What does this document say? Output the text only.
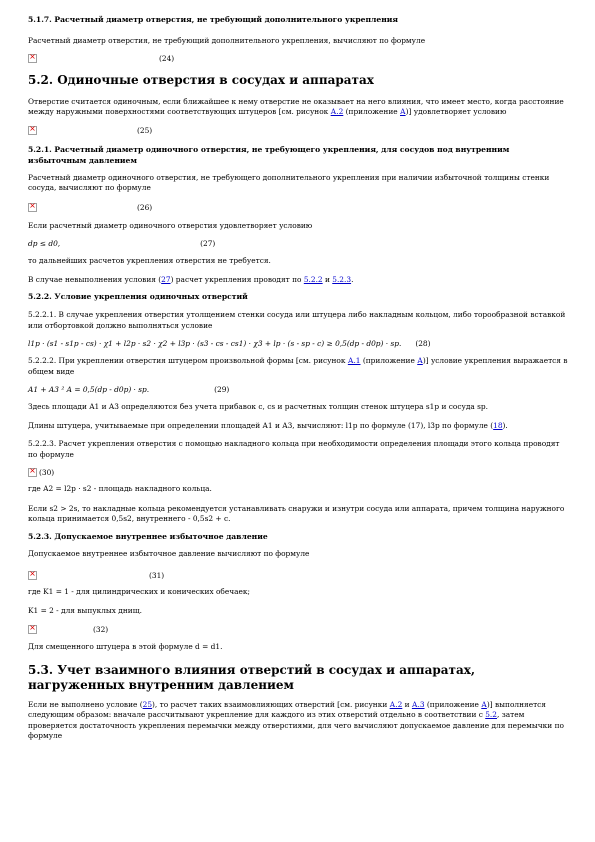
5.1.7. Расчетный диаметр отверстия, не требующий дополнительного укрепления

Расчетный диаметр отверстия, не требующий дополнительного укрепления, вычисляют по формуле

×
(24)
5.2. Одиночные отверстия в сосудах и аппаратах

Отверстие считается одиночным, если ближайшее к нему отверстие не оказывает на него влияния, что имеет место, когда расстояние между наружными поверхностями соответствующих штуцеров [см. рисунок А.2 (приложение А)] удовлетворяет условию

×
(25)
5.2.1. Расчетный диаметр одиночного отверстия, не требующего укрепления, для сосудов под внутренним избыточным давлением

Расчетный диаметр одиночного отверстия, не требующего дополнительного укрепления при наличии избыточной толщины стенки сосуда, вычисляют по формуле

×
(26)

Если расчетный диаметр одиночного отверстия удовлетворяет условию

dp ≤ d0,	(27)

то дальнейших расчетов укрепления отверстия не требуется.

В случае невыполнения условия (27) расчет укрепления проводят по 5.2.2 и 5.2.3.

5.2.2. Условие укрепления одиночных отверстий

5.2.2.1. В случае укрепления отверстия утолщением стенки сосуда или штуцера либо накладным кольцом, либо торообразной вставкой или отбортовкой должно выполняться условие

l1p · (s1 - s1p - cs) · χ1 + l2p · s2 · χ2 + l3p · (s3 - cs - cs1) · χ3 + lp · (s - sp - c) ≥ 0,5(dp - d0p) · sp. (28)

5.2.2.2. При укреплении отверстия штуцером произвольной формы [см. рисунок А.1 (приложение А)] условие укрепления выражается в общем виде

A1 + A3 ² A = 0,5(dp - d0p) · sp.	(29)

Здесь площади A1 и A3 определяются без учета прибавок c, cs и расчетных толщин стенок штуцера s1p и сосуда sp.

Длины штуцера, учитываемые при определении площадей A1 и A3, вычисляют: l1p по формуле (17), l3p по формуле (18).

5.2.2.3. Расчет укрепления отверстия с помощью накладного кольца при необходимости определения площади этого кольца проводят по формуле

×
(30)

где A2 = l2p · s2 - площадь накладного кольца.

Если s2 > 2s, то накладные кольца рекомендуется устанавливать снаружи и изнутри сосуда или аппарата, причем толщина наружного кольца принимается 0,5s2, внутреннего - 0,5s2 + c.

5.2.3. Допускаемое внутреннее избыточное давление

Допускаемое внутреннее избыточное давление вычисляют по формуле

×
(31)

где K1 = 1 - для цилиндрических и конических обечаек;

K1 = 2 - для выпуклых днищ.

×
(32)

Для смещенного штуцера в этой формуле d = d1.

5.3. Учет взаимного влияния отверстий в сосудах и аппаратах, нагруженных внутренним давлением

Если не выполнено условие (25), то расчет таких взаимовлияющих отверстий [см. рисунки А.2 и А.3 (приложение А)] выполняется следующим образом: вначале рассчитывают укрепление для каждого из этих отверстий отдельно в соответствии с 5.2, затем проверяется достаточность укрепления перемычки между отверстиями, для чего вычисляют допускаемое давление для перемычки по формуле
